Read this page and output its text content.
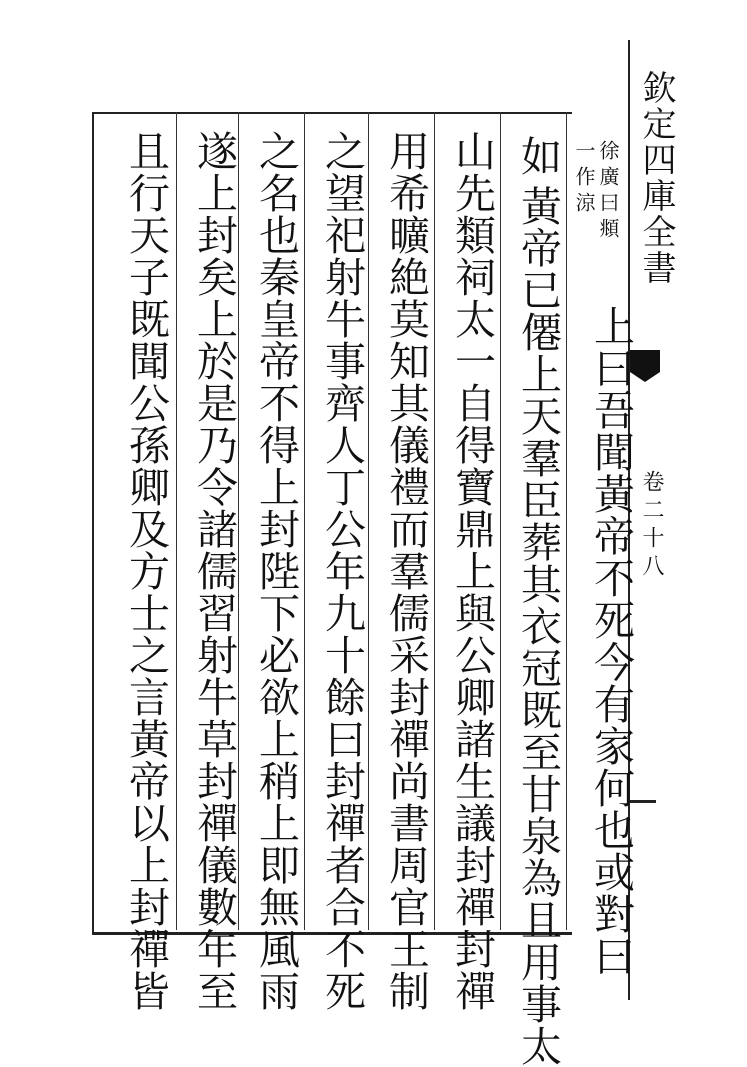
欽定四庫全書
卷二十八
如 徐廣曰頫
一作涼
上曰吾聞黃帝不死今有家何也或對曰
黃帝已僊上天羣臣葬其衣冠既至甘泉為且用事太
山先類祠太一自得寶鼎上與公卿諸生議封禪封禪
用希曠絶莫知其儀禮而羣儒采封禪尚書周官王制
之望祀射牛事齊人丁公年九十餘曰封禪者合不死
之名也秦皇帝不得上封陛下必欲上稍上即無風雨
遂上封矣上於是乃令諸儒習射牛草封禪儀數年至
且行天子既聞公孫卿及方士之言黃帝以上封禪皆
